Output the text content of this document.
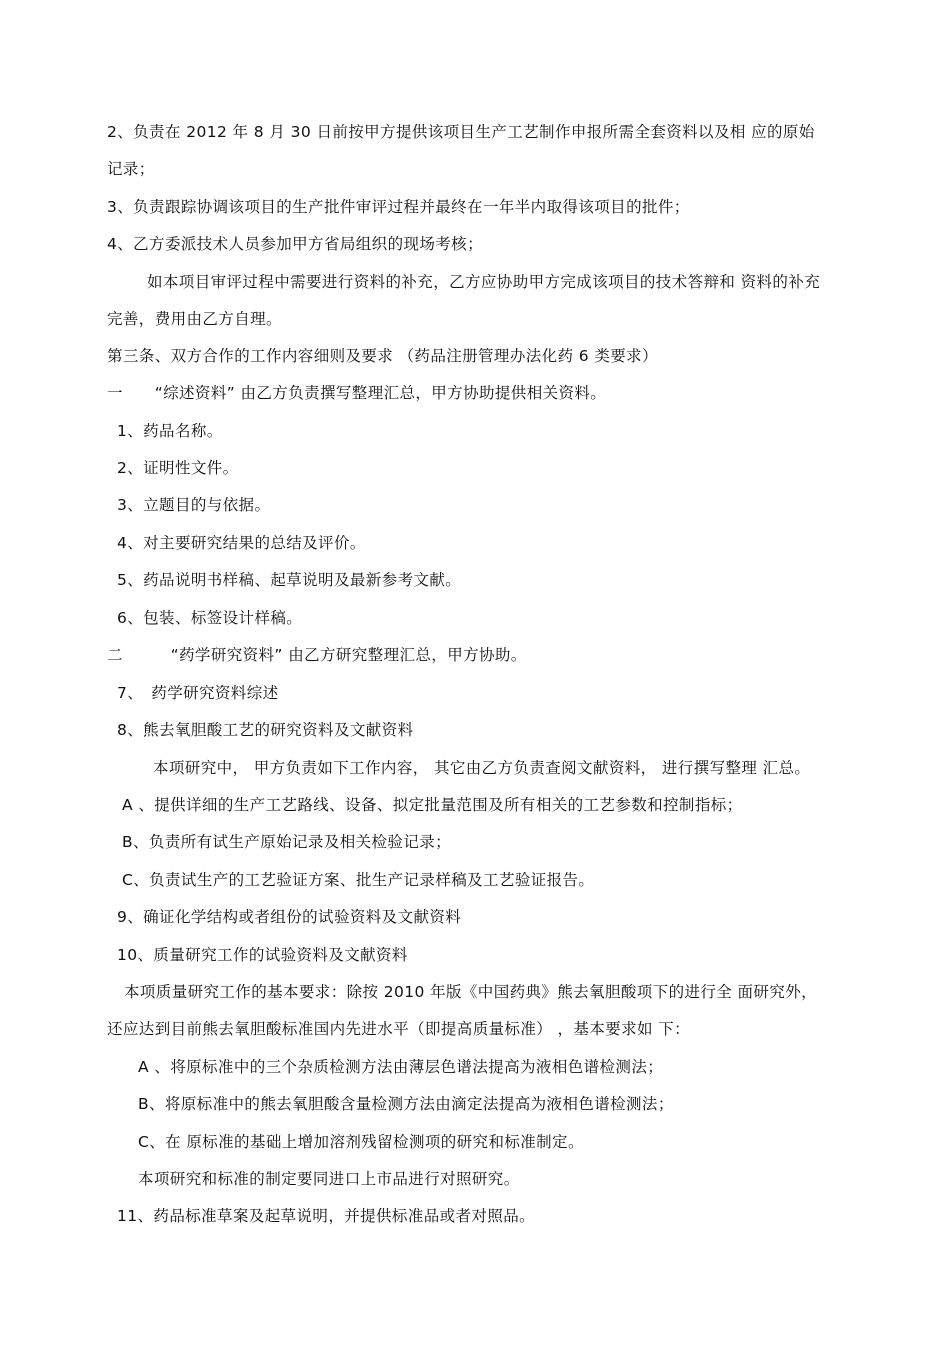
2、负责在 2012 年 8 月 30 日前按甲方提供该项目生产工艺制作申报所需全套资料以及相 应的原始
记录；
3、负责跟踪协调该项目的生产批件审评过程并最终在一年半内取得该项目的批件；
4、乙方委派技术人员参加甲方省局组织的现场考核；
如本项目审评过程中需要进行资料的补充，乙方应协助甲方完成该项目的技术答辩和 资料的补充
完善，费用由乙方自理。
第三条、双方合作的工作内容细则及要求 （药品注册管理办法化药 6 类要求）
一　　“综述资料” 由乙方负责撰写整理汇总，甲方协助提供相关资料。
1、药品名称。
2、证明性文件。
3、立题目的与依据。
4、对主要研究结果的总结及评价。
5、药品说明书样稿、起草说明及最新参考文献。
6、包装、标签设计样稿。
二　　　“药学研究资料” 由乙方研究整理汇总，甲方协助。
7、　药学研究资料综述
8、熊去氧胆酸工艺的研究资料及文献资料
本项研究中， 甲方负责如下工作内容， 其它由乙方负责查阅文献资料， 进行撰写整理 汇总。
A 、提供详细的生产工艺路线、设备、拟定批量范围及所有相关的工艺参数和控制指标；
B、负责所有试生产原始记录及相关检验记录；
C、负责试生产的工艺验证方案、批生产记录样稿及工艺验证报告。
9、确证化学结构或者组份的试验资料及文献资料
10、质量研究工作的试验资料及文献资料
本项质量研究工作的基本要求：除按 2010 年版《中国药典》熊去氧胆酸项下的进行全 面研究外，
还应达到目前熊去氧胆酸标准国内先进水平（即提高质量标准） ，基本要求如 下：
A 、将原标准中的三个杂质检测方法由薄层色谱法提高为液相色谱检测法；
B、将原标准中的熊去氧胆酸含量检测方法由滴定法提高为液相色谱检测法；
C、在 原标准的基础上增加溶剂残留检测项的研究和标准制定。
本项研究和标准的制定要同进口上市品进行对照研究。
11、药品标准草案及起草说明，并提供标准品或者对照品。
